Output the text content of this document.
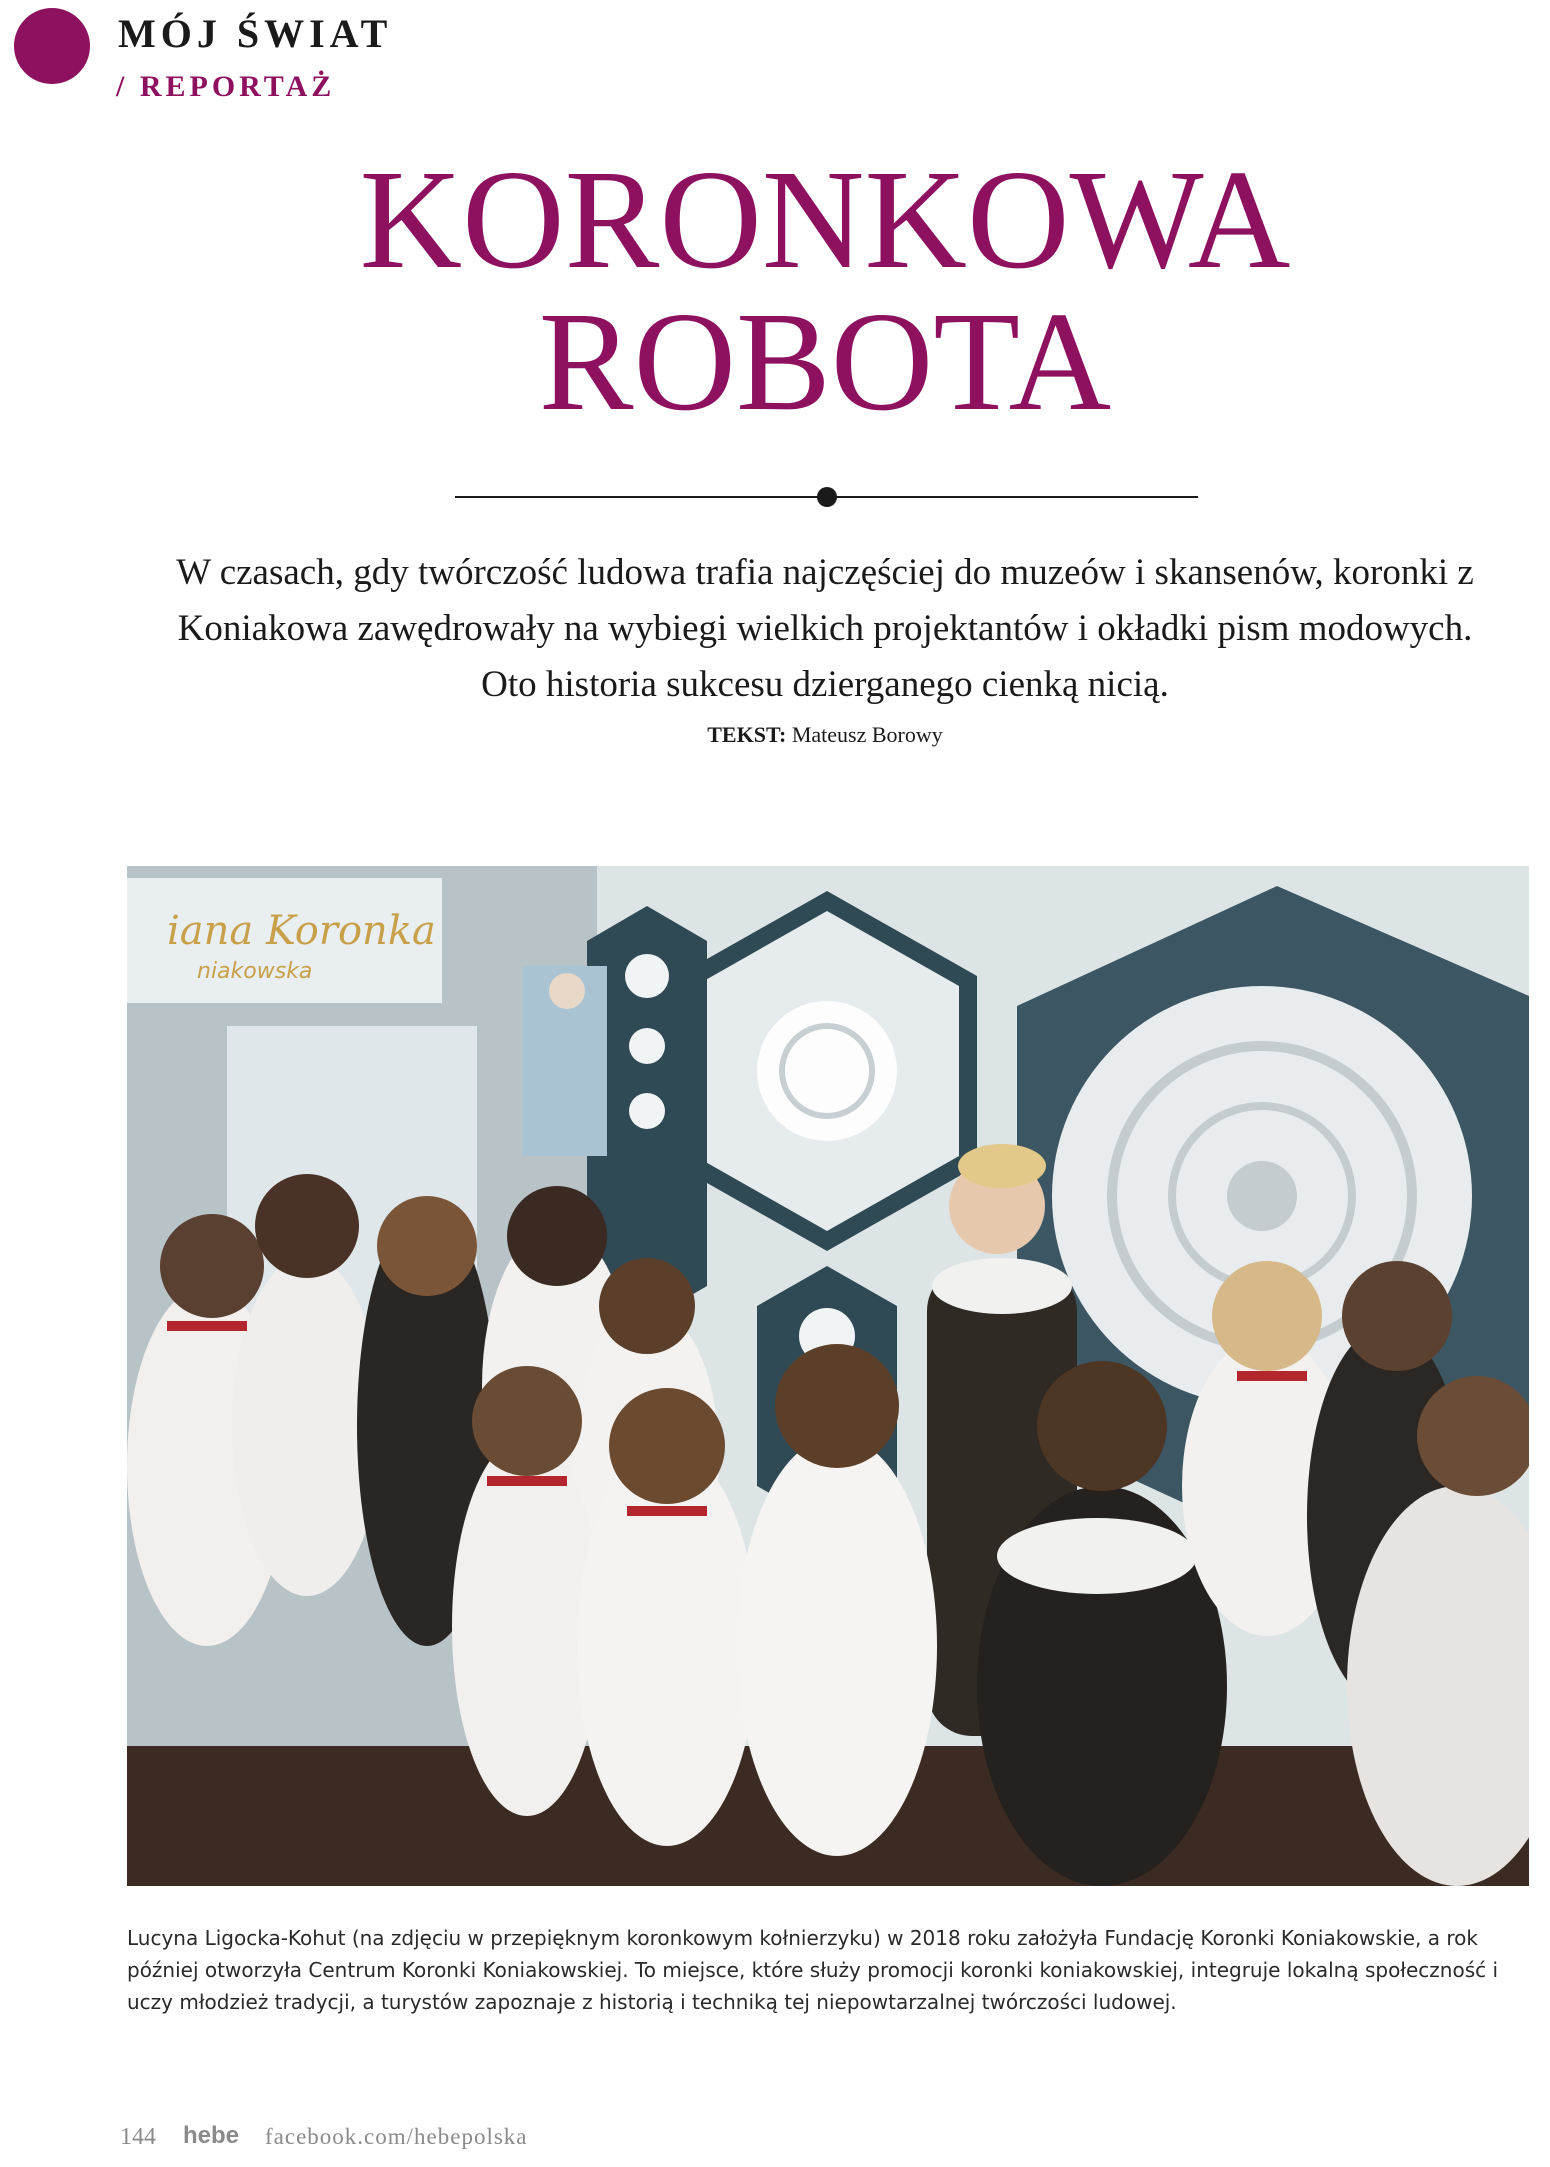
MÓJ ŚWIAT
/ REPORTAŻ
KORONKOWA
ROBOTA

W czasach, gdy twórczość ludowa trafia najczęściej do muzeów i skansenów, koronki z Koniakowa zawędrowały na wybiegi wielkich projektantów i okładki pism modowych. Oto historia sukcesu dzierganego cienką nicią.

TEKST: Mateusz Borowy
iana Koronka
niakowska

Lucyna Ligocka-Kohut (na zdjęciu w przepięknym koronkowym kołnierzyku) w 2018 roku założyła Fundację Koronki Koniakowskie, a rok później otworzyła Centrum Koronki Koniakowskiej. To miejsce, które służy promocji koronki koniakowskiej, integruje lokalną społeczność i uczy młodzież tradycji, a turystów zapoznaje z historią i techniką tej niepowtarzalnej twórczości ludowej.

144 hebe facebook.com/hebepolska
